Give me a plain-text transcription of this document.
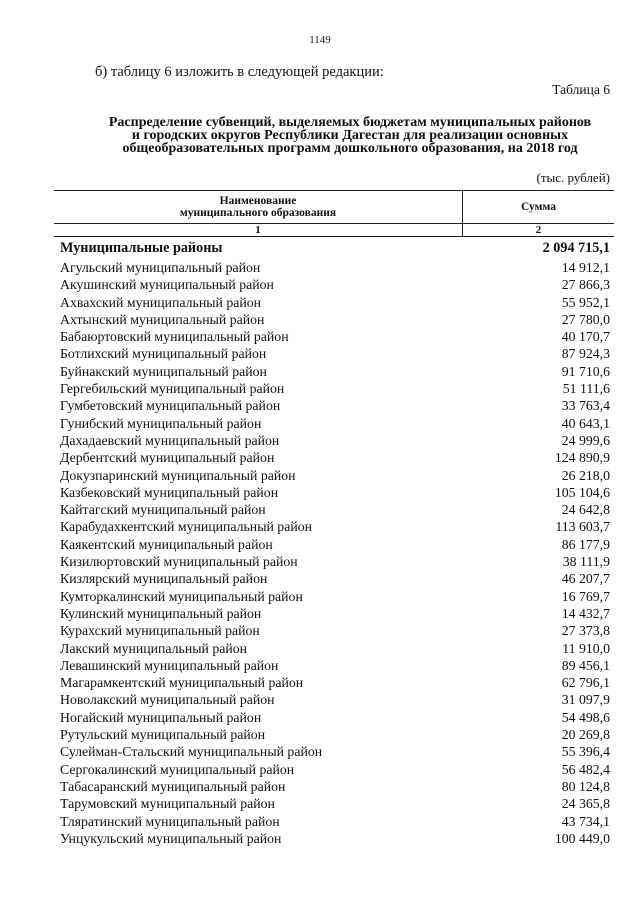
1149
б) таблицу 6 изложить в следующей редакции:
Таблица 6
Распределение субвенций, выделяемых бюджетам муниципальных районов
и городских округов Республики Дагестан для реализации основных
общеобразовательных программ дошкольного образования, на 2018 год
(тыс. рублей)
Наименование
муниципального образования	Сумма
1	2
Муниципальные районы	2 094 715,1
Агульский муниципальный район	14 912,1
Акушинский муниципальный район	27 866,3
Ахвахский муниципальный район	55 952,1
Ахтынский муниципальный район	27 780,0
Бабаюртовский муниципальный район	40 170,7
Ботлихский муниципальный район	87 924,3
Буйнакский муниципальный район	91 710,6
Гергебильский муниципальный район	51 111,6
Гумбетовский муниципальный район	33 763,4
Гунибский муниципальный район	40 643,1
Дахадаевский муниципальный район	24 999,6
Дербентский муниципальный район	124 890,9
Докузпаринский муниципальный район	26 218,0
Казбековский муниципальный район	105 104,6
Кайтагский муниципальный район	24 642,8
Карабудахкентский муниципальный район	113 603,7
Каякентский муниципальный район	86 177,9
Кизилюртовский муниципальный район	38 111,9
Кизлярский муниципальный район	46 207,7
Кумторкалинский муниципальный район	16 769,7
Кулинский муниципальный район	14 432,7
Курахский муниципальный район	27 373,8
Лакский муниципальный район	11 910,0
Левашинский муниципальный район	89 456,1
Магарамкентский муниципальный район	62 796,1
Новолакский муниципальный район	31 097,9
Ногайский муниципальный район	54 498,6
Рутульский муниципальный район	20 269,8
Сулейман-Стальский муниципальный район	55 396,4
Сергокалинский муниципальный район	56 482,4
Табасаранский муниципальный район	80 124,8
Тарумовский муниципальный район	24 365,8
Тляратинский муниципальный район	43 734,1
Унцукульский муниципальный район	100 449,0
